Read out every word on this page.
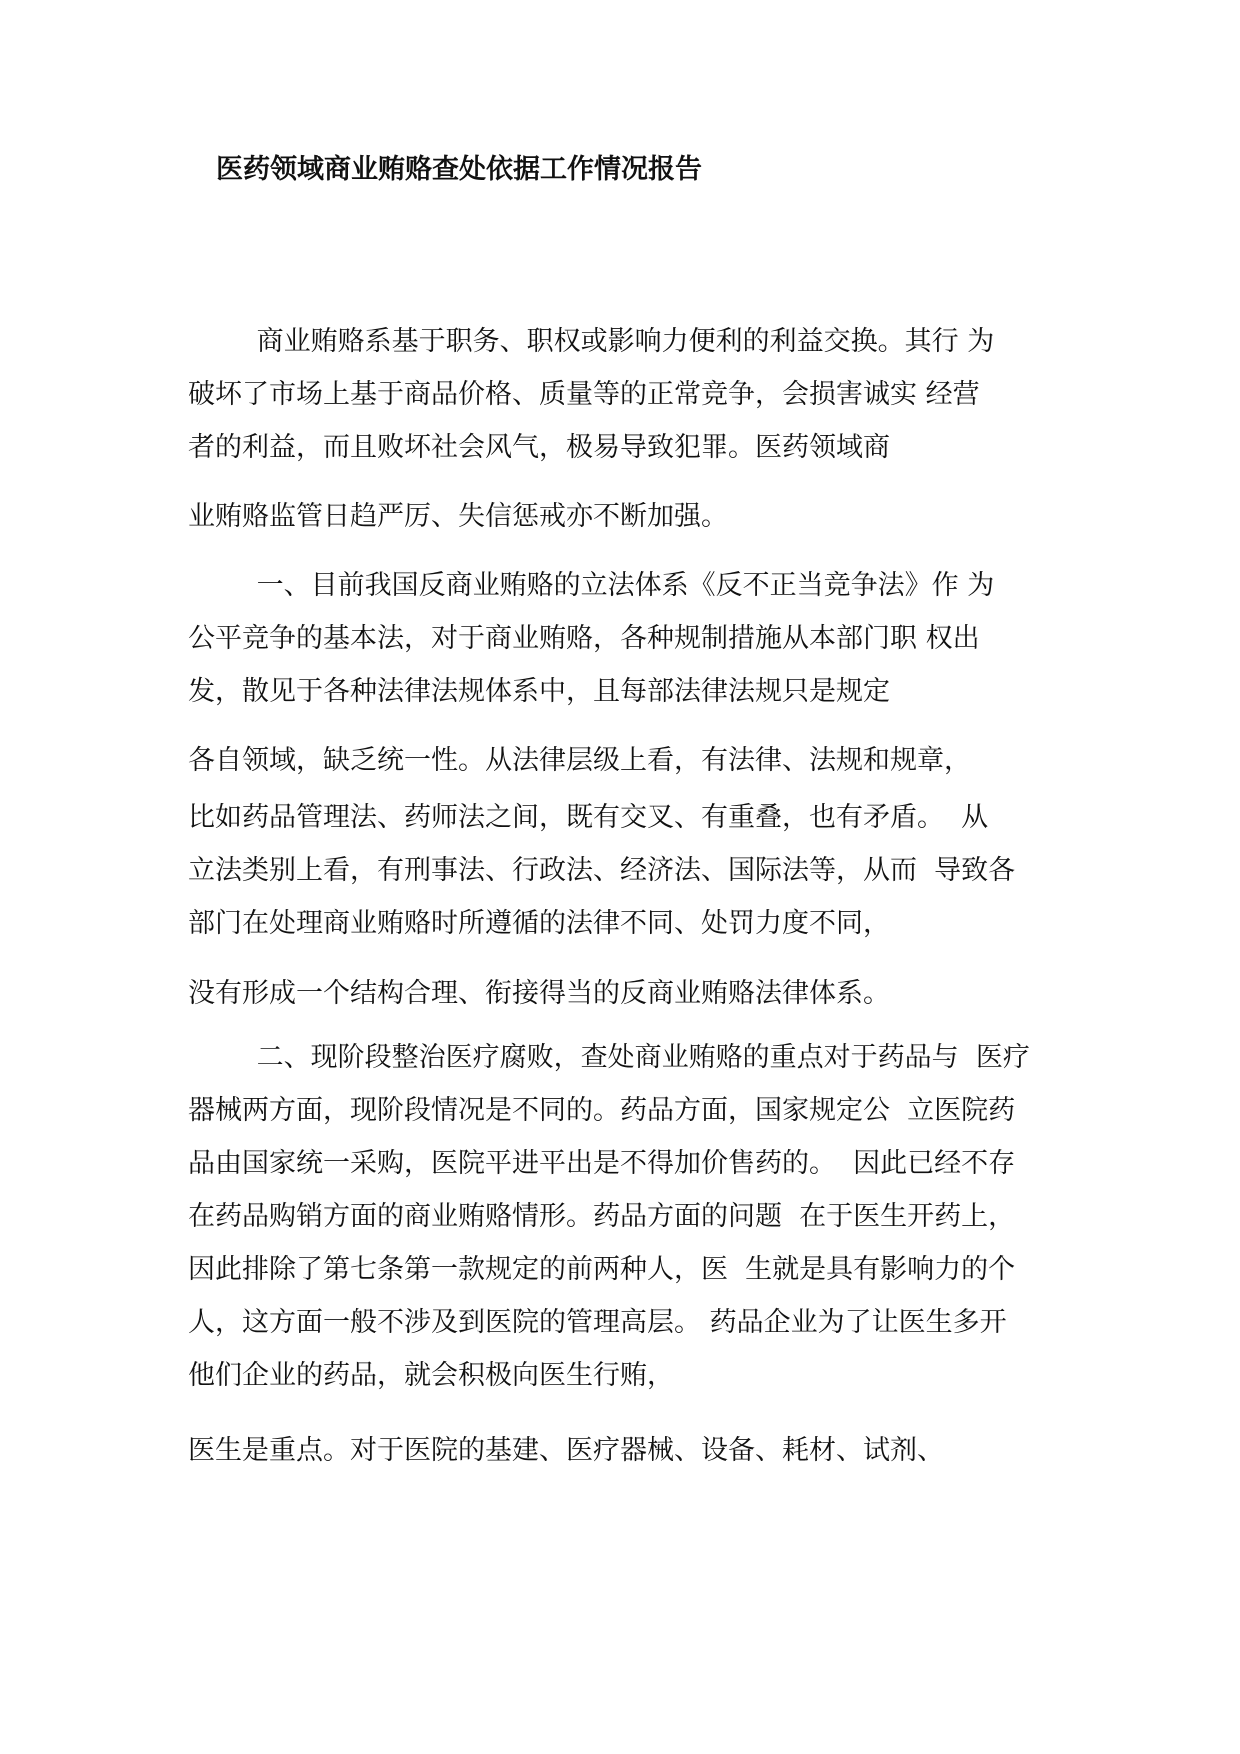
医药领域商业贿赂查处依据工作情况报告
商业贿赂系基于职务、职权或影响力便利的利益交换。其行 为
破坏了市场上基于商品价格、质量等的正常竞争，会损害诚实 经营
者的利益，而且败坏社会风气，极易导致犯罪。医药领域商
业贿赂监管日趋严厉、失信惩戒亦不断加强。
一、目前我国反商业贿赂的立法体系《反不正当竞争法》作 为
公平竞争的基本法，对于商业贿赂，各种规制措施从本部门职 权出
发，散见于各种法律法规体系中，且每部法律法规只是规定
各自领域，缺乏统一性。从法律层级上看，有法律、法规和规章，
比如药品管理法、药师法之间，既有交叉、有重叠，也有矛盾。  从
立法类别上看，有刑事法、行政法、经济法、国际法等，从而  导致各
部门在处理商业贿赂时所遵循的法律不同、处罚力度不同，
没有形成一个结构合理、衔接得当的反商业贿赂法律体系。
二、现阶段整治医疗腐败，查处商业贿赂的重点对于药品与  医疗
器械两方面，现阶段情况是不同的。药品方面，国家规定公  立医院药
品由国家统一采购，医院平进平出是不得加价售药的。  因此已经不存
在药品购销方面的商业贿赂情形。药品方面的问题  在于医生开药上，
因此排除了第七条第一款规定的前两种人，医  生就是具有影响力的个
人，这方面一般不涉及到医院的管理高层。 药品企业为了让医生多开
他们企业的药品，就会积极向医生行贿，
医生是重点。对于医院的基建、医疗器械、设备、耗材、试剂、
